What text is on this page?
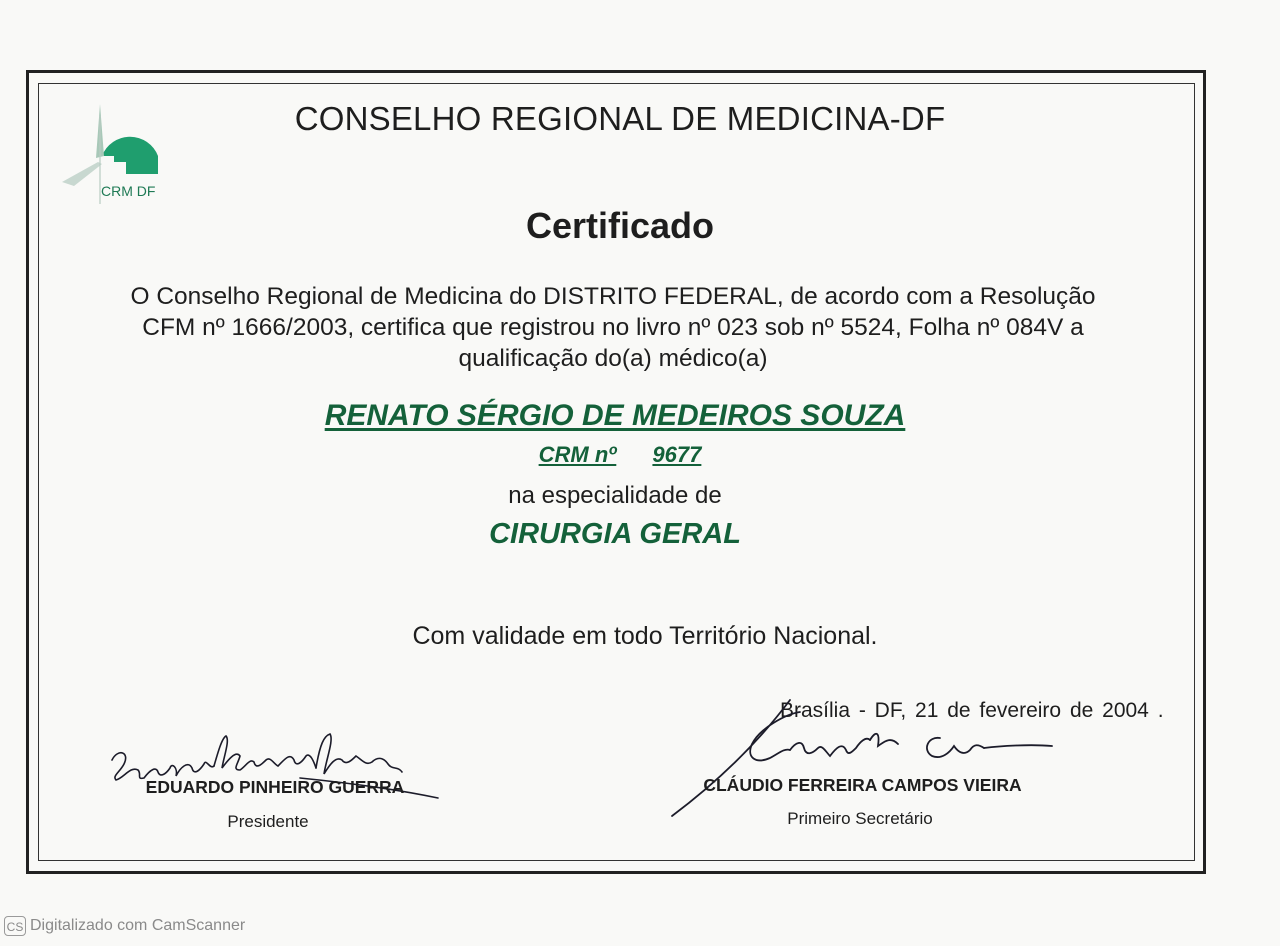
CRM DF
CONSELHO REGIONAL DE MEDICINA-DF
Certificado
O Conselho Regional de Medicina do DISTRITO FEDERAL, de acordo com a Resolução
CFM nº 1666/2003, certifica que registrou no livro nº 023 sob nº 5524, Folha nº 084V a
qualificação do(a) médico(a)
RENATO SÉRGIO DE MEDEIROS SOUZA
CRM nº 9677
na especialidade de
CIRURGIA GERAL
Com validade em todo Território Nacional.
Brasília - DF, 21 de fevereiro de 2004 .
EDUARDO PINHEIRO GUERRA
Presidente
CLÁUDIO FERREIRA CAMPOS VIEIRA
Primeiro Secretário
CS Digitalizado com CamScanner
